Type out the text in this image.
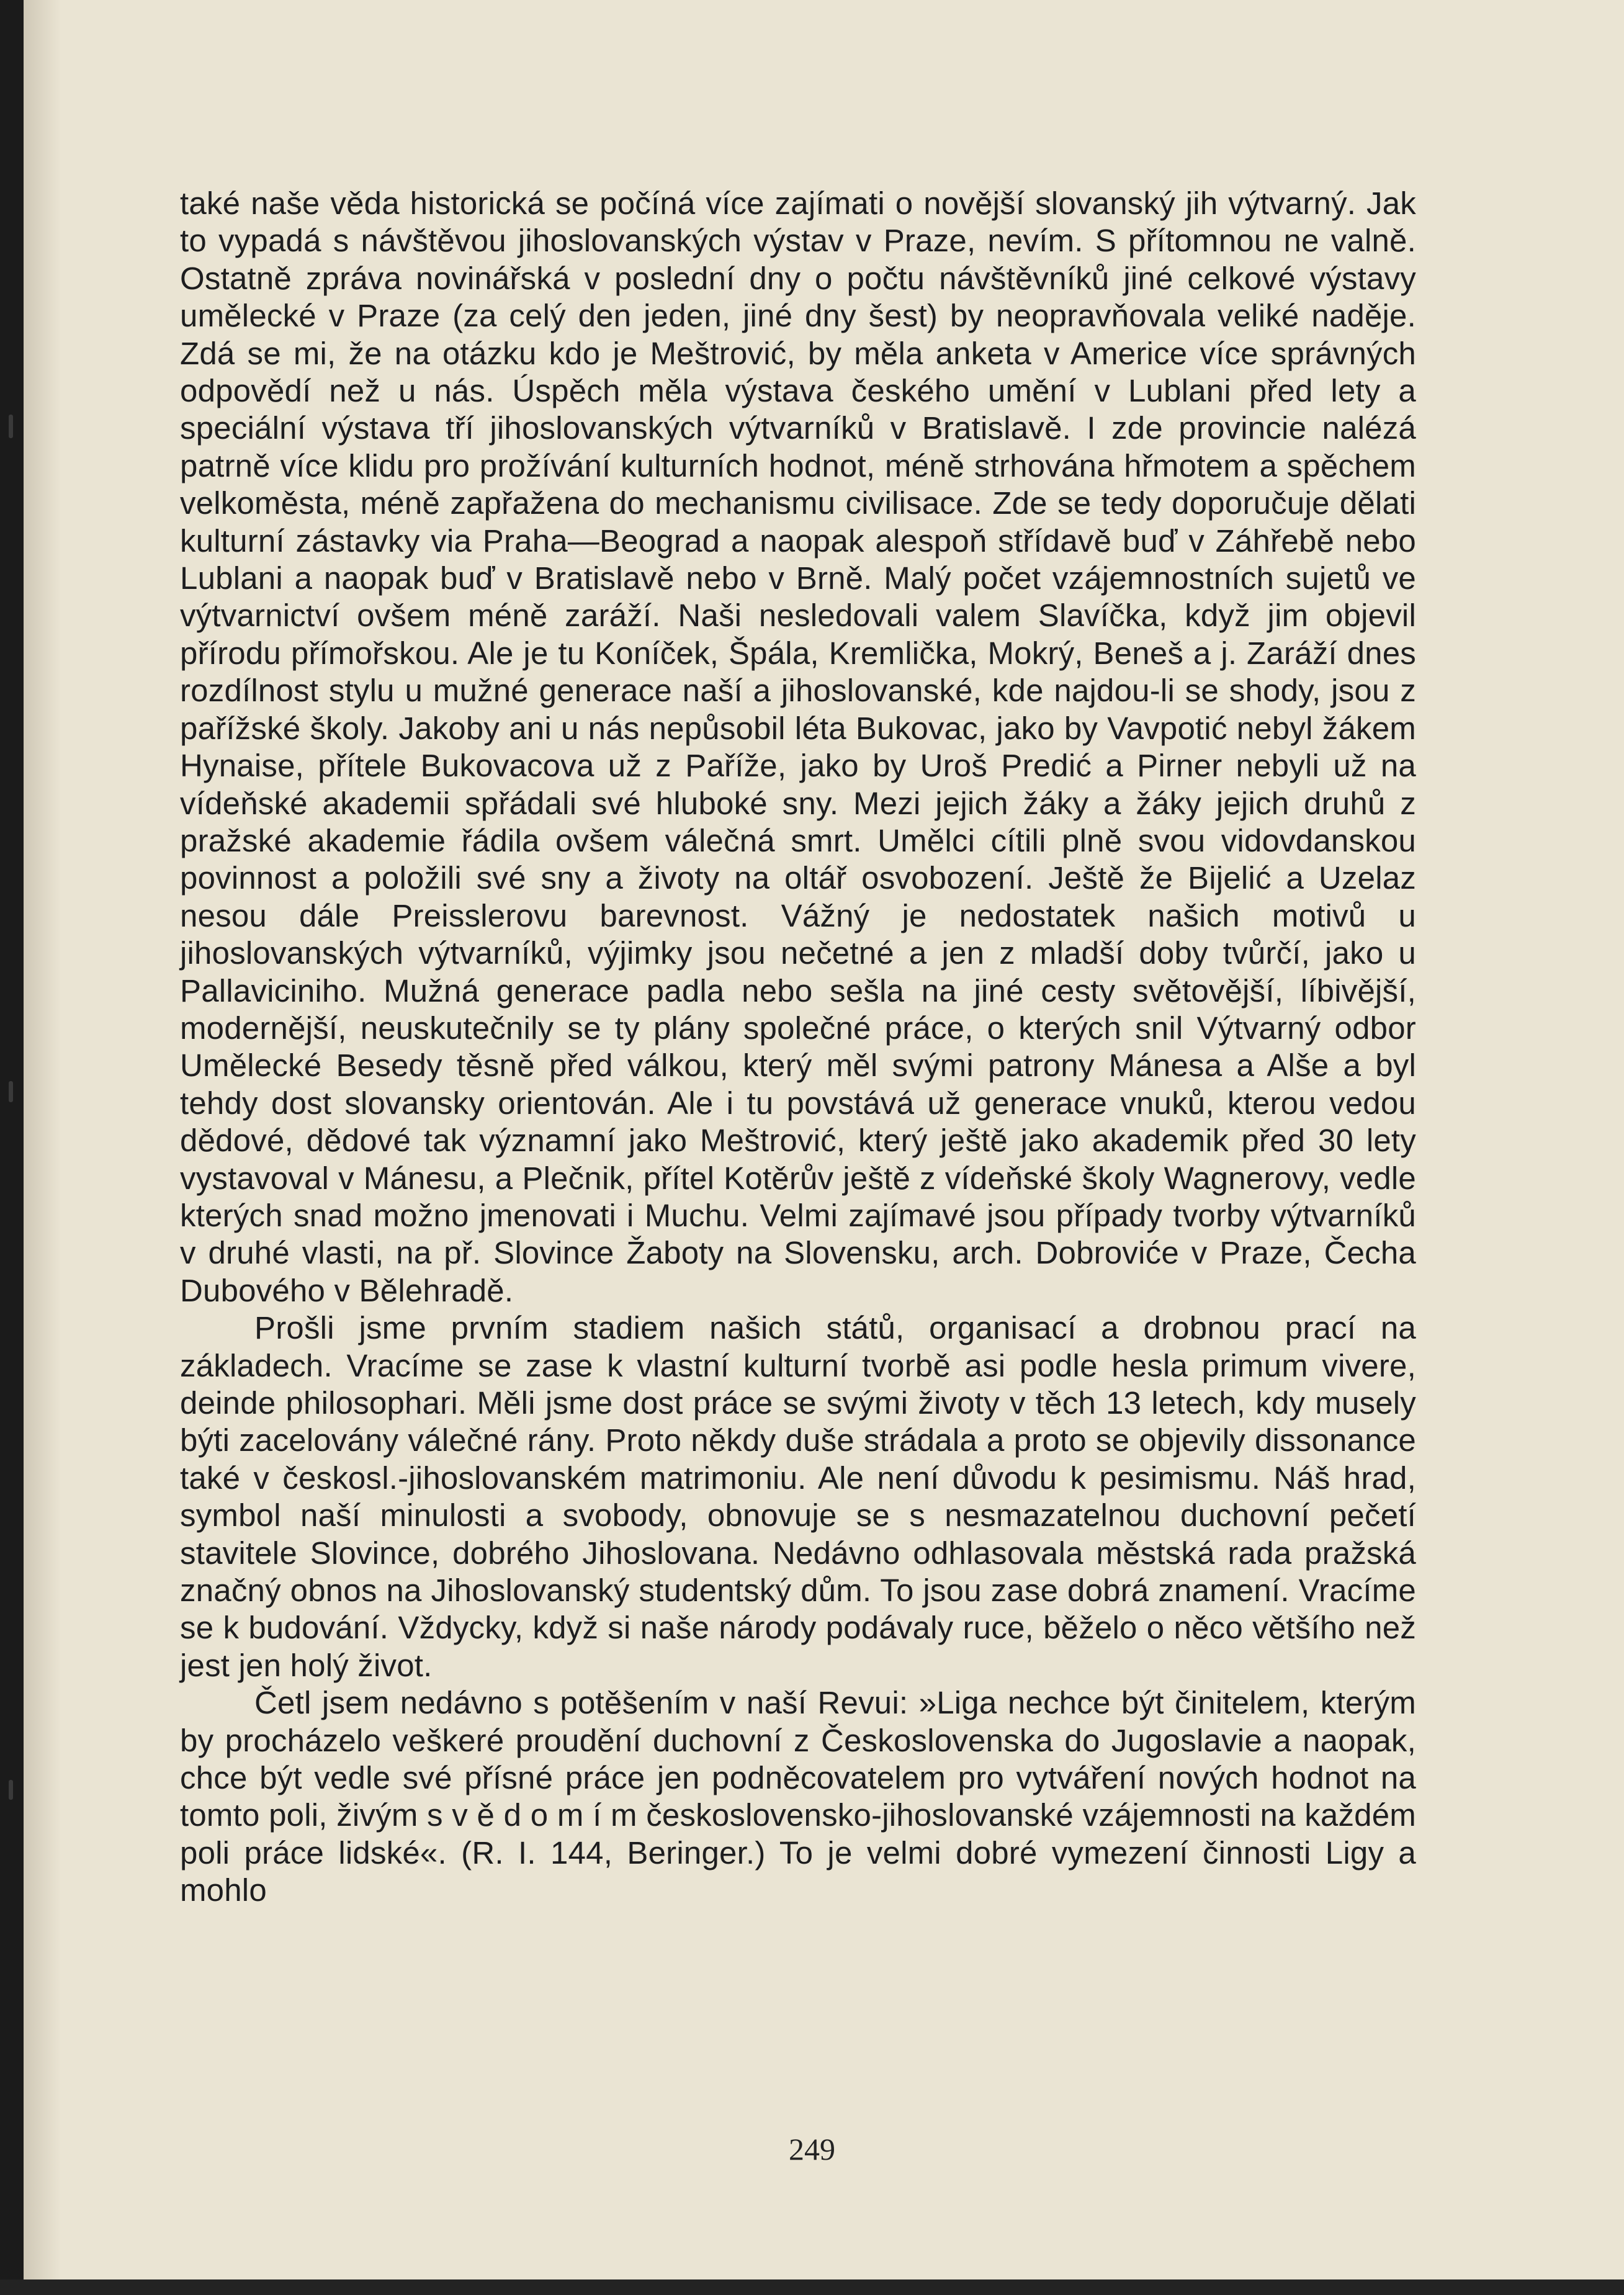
také naše věda historická se počíná více zajímati o novější slovanský jih výtvarný. Jak to vypadá s návštěvou jihoslovanských výstav v Praze, nevím. S přítomnou ne valně. Ostatně zpráva novinářská v poslední dny o počtu návštěvníků jiné celkové výstavy umělecké v Praze (za celý den jeden, jiné dny šest) by neopravňovala veliké naděje. Zdá se mi, že na otázku kdo je Meštrović, by měla anketa v Americe více správných odpovědí než u nás. Úspěch měla výstava českého umění v Lublani před lety a speciální výstava tří jihoslovanských výtvarníků v Bratislavě. I zde provincie nalézá patrně více klidu pro prožívání kulturních hodnot, méně strhována hřmotem a spěchem velkoměsta, méně zapřažena do mechanismu civilisace. Zde se tedy doporučuje dělati kulturní zástavky via Praha—Beograd a naopak alespoň střídavě buď v Záhřebě nebo Lublani a naopak buď v Bratislavě nebo v Brně. Malý počet vzájemnostních sujetů ve výtvarnictví ovšem méně zaráží. Naši nesledovali valem Slavíčka, když jim objevil přírodu přímořskou. Ale je tu Koníček, Špála, Kremlička, Mokrý, Beneš a j. Zaráží dnes rozdílnost stylu u mužné generace naší a jihoslovanské, kde najdou-li se shody, jsou z pařížské školy. Jakoby ani u nás nepůsobil léta Bukovac, jako by Vavpotić nebyl žákem Hynaise, přítele Bukovacova už z Paříže, jako by Uroš Predić a Pirner nebyli už na vídeňské akademii spřádali své hluboké sny. Mezi jejich žáky a žáky jejich druhů z pražské akademie řádila ovšem válečná smrt. Umělci cítili plně svou vidovdanskou povinnost a položili své sny a životy na oltář osvobození. Ještě že Bijelić a Uzelaz nesou dále Preisslerovu barevnost. Vážný je nedostatek našich motivů u jihoslovanských výtvarníků, výjimky jsou nečetné a jen z mladší doby tvůrčí, jako u Pallaviciniho. Mužná generace padla nebo sešla na jiné cesty světovější, líbivější, modernější, neuskutečnily se ty plány společné práce, o kterých snil Výtvarný odbor Umělecké Besedy těsně před válkou, který měl svými patrony Mánesa a Alše a byl tehdy dost slovansky orientován. Ale i tu povstává už generace vnuků, kterou vedou dědové, dědové tak významní jako Meštrović, který ještě jako akademik před 30 lety vystavoval v Mánesu, a Plečnik, přítel Kotěrův ještě z vídeňské školy Wagnerovy, vedle kterých snad možno jmenovati i Muchu. Velmi zajímavé jsou případy tvorby výtvarníků v druhé vlasti, na př. Slovince Žaboty na Slovensku, arch. Dobroviće v Praze, Čecha Dubového v Bělehradě.

Prošli jsme prvním stadiem našich států, organisací a drobnou prací na základech. Vracíme se zase k vlastní kulturní tvorbě asi podle hesla primum vivere, deinde philosophari. Měli jsme dost práce se svými životy v těch 13 letech, kdy musely býti zacelovány válečné rány. Proto někdy duše strádala a proto se objevily dissonance také v českosl.-jihoslovanském matrimoniu. Ale není důvodu k pesimismu. Náš hrad, symbol naší minulosti a svobody, obnovuje se s nesmazatelnou duchovní pečetí stavitele Slovince, dobrého Jihoslovana. Nedávno odhlasovala městská rada pražská značný obnos na Jihoslovanský studentský dům. To jsou zase dobrá znamení. Vracíme se k budování. Vždycky, když si naše národy podávaly ruce, běželo o něco většího než jest jen holý život.

Četl jsem nedávno s potěšením v naší Revui: »Liga nechce být činitelem, kterým by procházelo veškeré proudění duchovní z Československa do Jugoslavie a naopak, chce být vedle své přísné práce jen podněcovatelem pro vytváření nových hodnot na tomto poli, živým s v ě d o m í m československo-jihoslovanské vzájemnosti na každém poli práce lidské«. (R. I. 144, Beringer.) To je velmi dobré vymezení činnosti Ligy a mohlo

249
